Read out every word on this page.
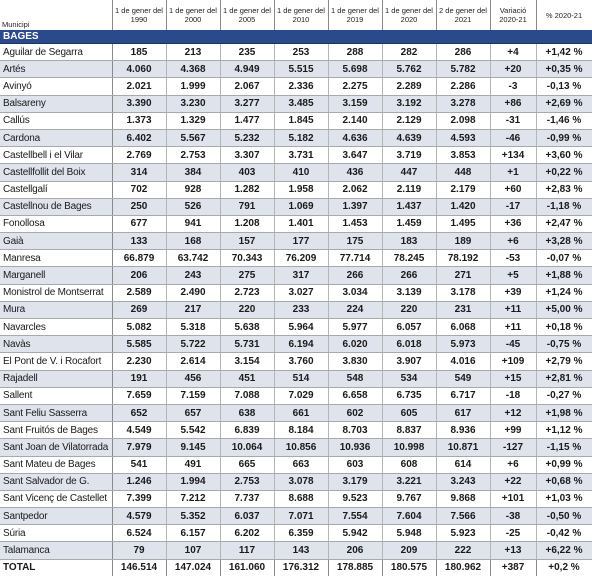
Municipi	1 de gener del 1990	1 de gener del 2000	1 de gener del 2005	1 de gener del 2010	1 de gener del 2019	1 de gener del 2020	2 de gener del 2021	Variació 2020-21	% 2020-21
BAGES									
Aguilar de Segarra	185	213	235	253	288	282	286	+4	+1,42 %
Artés	4.060	4.368	4.949	5.515	5.698	5.762	5.782	+20	+0,35 %
Avinyó	2.021	1.999	2.067	2.336	2.275	2.289	2.286	-3	-0,13 %
Balsareny	3.390	3.230	3.277	3.485	3.159	3.192	3.278	+86	+2,69 %
Callús	1.373	1.329	1.477	1.845	2.140	2.129	2.098	-31	-1,46 %
Cardona	6.402	5.567	5.232	5.182	4.636	4.639	4.593	-46	-0,99 %
Castellbell i el Vilar	2.769	2.753	3.307	3.731	3.647	3.719	3.853	+134	+3,60 %
Castellfollit del Boix	314	384	403	410	436	447	448	+1	+0,22 %
Castellgalí	702	928	1.282	1.958	2.062	2.119	2.179	+60	+2,83 %
Castellnou de Bages	250	526	791	1.069	1.397	1.437	1.420	-17	-1,18 %
Fonollosa	677	941	1.208	1.401	1.453	1.459	1.495	+36	+2,47 %
Gaià	133	168	157	177	175	183	189	+6	+3,28 %
Manresa	66.879	63.742	70.343	76.209	77.714	78.245	78.192	-53	-0,07 %
Marganell	206	243	275	317	266	266	271	+5	+1,88 %
Monistrol de Montserrat	2.589	2.490	2.723	3.027	3.034	3.139	3.178	+39	+1,24 %
Mura	269	217	220	233	224	220	231	+11	+5,00 %
Navarcles	5.082	5.318	5.638	5.964	5.977	6.057	6.068	+11	+0,18 %
Navàs	5.585	5.722	5.731	6.194	6.020	6.018	5.973	-45	-0,75 %
El Pont de V. i Rocafort	2.230	2.614	3.154	3.760	3.830	3.907	4.016	+109	+2,79 %
Rajadell	191	456	451	514	548	534	549	+15	+2,81 %
Sallent	7.659	7.159	7.088	7.029	6.658	6.735	6.717	-18	-0,27 %
Sant Feliu Sasserra	652	657	638	661	602	605	617	+12	+1,98 %
Sant Fruitós de Bages	4.549	5.542	6.839	8.184	8.703	8.837	8.936	+99	+1,12 %
Sant Joan de Vilatorrada	7.979	9.145	10.064	10.856	10.936	10.998	10.871	-127	-1,15 %
Sant Mateu de Bages	541	491	665	663	603	608	614	+6	+0,99 %
Sant Salvador de G.	1.246	1.994	2.753	3.078	3.179	3.221	3.243	+22	+0,68 %
Sant Vicenç de Castellet	7.399	7.212	7.737	8.688	9.523	9.767	9.868	+101	+1,03 %
Santpedor	4.579	5.352	6.037	7.071	7.554	7.604	7.566	-38	-0,50 %
Súria	6.524	6.157	6.202	6.359	5.942	5.948	5.923	-25	-0,42 %
Talamanca	79	107	117	143	206	209	222	+13	+6,22 %
TOTAL	146.514	147.024	161.060	176.312	178.885	180.575	180.962	+387	+0,2 %
